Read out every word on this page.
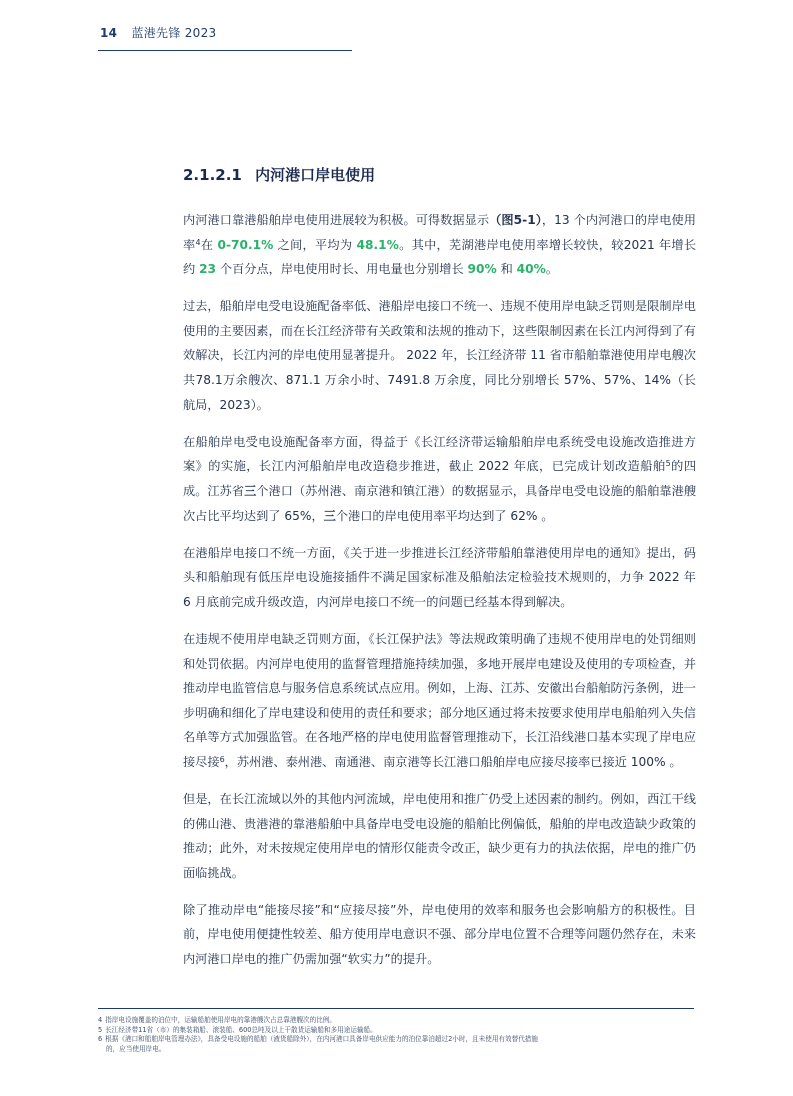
14 蓝港先锋 2023
2.1.2.1 内河港口岸电使用

内河港口靠港船舶岸电使用进展较为积极。可得数据显示（图5-1），13 个内河港口的岸电使用率$^4$在 0-70.1% 之间，平均为 48.1%。其中，芜湖港岸电使用率增长较快，较2021 年增长约 23 个百分点，岸电使用时长、用电量也分别增长 90% 和 40%。

过去，船舶岸电受电设施配备率低、港船岸电接口不统一、违规不使用岸电缺乏罚则是限制岸电使用的主要因素，而在长江经济带有关政策和法规的推动下，这些限制因素在长江内河得到了有效解决，长江内河的岸电使用显著提升。 2022 年，长江经济带 11 省市船舶靠港使用岸电艘次共78.1万余艘次、871.1 万余小时、7491.8 万余度，同比分别增长 57%、57%、14%（长航局，2023）。

在船舶岸电受电设施配备率方面，得益于《长江经济带运输船舶岸电系统受电设施改造推进方案》的实施，长江内河船舶岸电改造稳步推进，截止 2022 年底，已完成计划改造船舶$^5$的四成。江苏省三个港口（苏州港、南京港和镇江港）的数据显示，具备岸电受电设施的船舶靠港艘次占比平均达到了 65%，三个港口的岸电使用率平均达到了 62% 。

在港船岸电接口不统一方面，《关于进一步推进长江经济带船舶靠港使用岸电的通知》提出，码头和船舶现有低压岸电设施接插件不满足国家标准及船舶法定检验技术规则的，力争 2022 年 6 月底前完成升级改造，内河岸电接口不统一的问题已经基本得到解决。

在违规不使用岸电缺乏罚则方面，《长江保护法》等法规政策明确了违规不使用岸电的处罚细则和处罚依据。内河岸电使用的监督管理措施持续加强，多地开展岸电建设及使用的专项检查，并推动岸电监管信息与服务信息系统试点应用。例如，上海、江苏、安徽出台船舶防污条例，进一步明确和细化了岸电建设和使用的责任和要求；部分地区通过将未按要求使用岸电船舶列入失信名单等方式加强监管。在各地严格的岸电使用监督管理推动下，长江沿线港口基本实现了岸电应接尽接$^6$，苏州港、泰州港、南通港、南京港等长江港口船舶岸电应接尽接率已接近 100% 。

但是，在长江流域以外的其他内河流域，岸电使用和推广仍受上述因素的制约。例如，西江干线的佛山港、贵港港的靠港船舶中具备岸电受电设施的船舶比例偏低，船舶的岸电改造缺少政策的推动；此外，对未按规定使用岸电的情形仅能责令改正，缺少更有力的执法依据，岸电的推广仍面临挑战。

除了推动岸电“能接尽接”和“应接尽接”外，岸电使用的效率和服务也会影响船方的积极性。目前，岸电使用便捷性较差、船方使用岸电意识不强、部分岸电位置不合理等问题仍然存在，未来内河港口岸电的推广仍需加强“软实力”的提升。

4 指岸电设施覆盖的泊位中，运输船舶使用岸电的靠港艘次占总靠港艘次的比例。

5 长江经济带11省（市）的集装箱船、滚装船、600总吨及以上干散货运输船和多用途运输船。

6 根据《港口和船舶岸电管理办法》，具备受电设施的船舶（液货船除外），在内河港口具备岸电供应能力的泊位靠泊超过2小时，且未使用有效替代措施

的，应当使用岸电。
